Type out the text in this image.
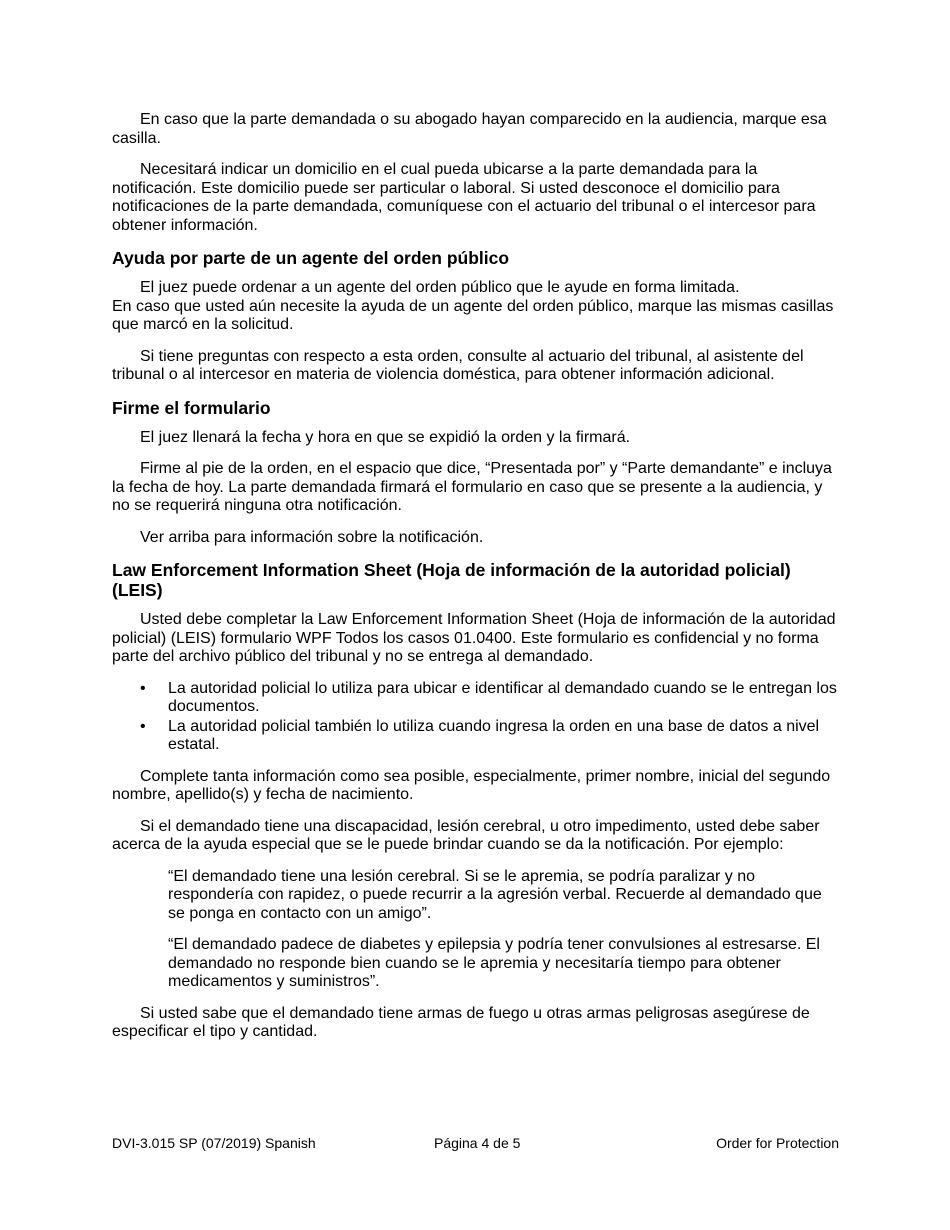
En caso que la parte demandada o su abogado hayan comparecido en la audiencia, marque esa casilla.

Necesitará indicar un domicilio en el cual pueda ubicarse a la parte demandada para la notificación. Este domicilio puede ser particular o laboral. Si usted desconoce el domicilio para notificaciones de la parte demandada, comuníquese con el actuario del tribunal o el intercesor para obtener información.

Ayuda por parte de un agente del orden público

El juez puede ordenar a un agente del orden público que le ayude en forma limitada.
En caso que usted aún necesite la ayuda de un agente del orden público, marque las mismas casillas que marcó en la solicitud.

Si tiene preguntas con respecto a esta orden, consulte al actuario del tribunal, al asistente del tribunal o al intercesor en materia de violencia doméstica, para obtener información adicional.

Firme el formulario

El juez llenará la fecha y hora en que se expidió la orden y la firmará.

Firme al pie de la orden, en el espacio que dice, “Presentada por” y “Parte demandante” e incluya la fecha de hoy. La parte demandada firmará el formulario en caso que se presente a la audiencia, y no se requerirá ninguna otra notificación.

Ver arriba para información sobre la notificación.

Law Enforcement Information Sheet (Hoja de información de la autoridad policial) (LEIS)

Usted debe completar la Law Enforcement Information Sheet (Hoja de información de la autoridad policial) (LEIS) formulario WPF Todos los casos 01.0400. Este formulario es confidencial y no forma parte del archivo público del tribunal y no se entrega al demandado.

• La autoridad policial lo utiliza para ubicar e identificar al demandado cuando se le entregan los documentos.
• La autoridad policial también lo utiliza cuando ingresa la orden en una base de datos a nivel estatal.

Complete tanta información como sea posible, especialmente, primer nombre, inicial del segundo nombre, apellido(s) y fecha de nacimiento.

Si el demandado tiene una discapacidad, lesión cerebral, u otro impedimento, usted debe saber acerca de la ayuda especial que se le puede brindar cuando se da la notificación. Por ejemplo:

“El demandado tiene una lesión cerebral. Si se le apremia, se podría paralizar y no respondería con rapidez, o puede recurrir a la agresión verbal. Recuerde al demandado que se ponga en contacto con un amigo”.

“El demandado padece de diabetes y epilepsia y podría tener convulsiones al estresarse. El demandado no responde bien cuando se le apremia y necesitaría tiempo para obtener medicamentos y suministros”.

Si usted sabe que el demandado tiene armas de fuego u otras armas peligrosas asegúrese de especificar el tipo y cantidad.

DVI-3.015 SP (07/2019) Spanish	Página 4 de 5	Order for Protection
